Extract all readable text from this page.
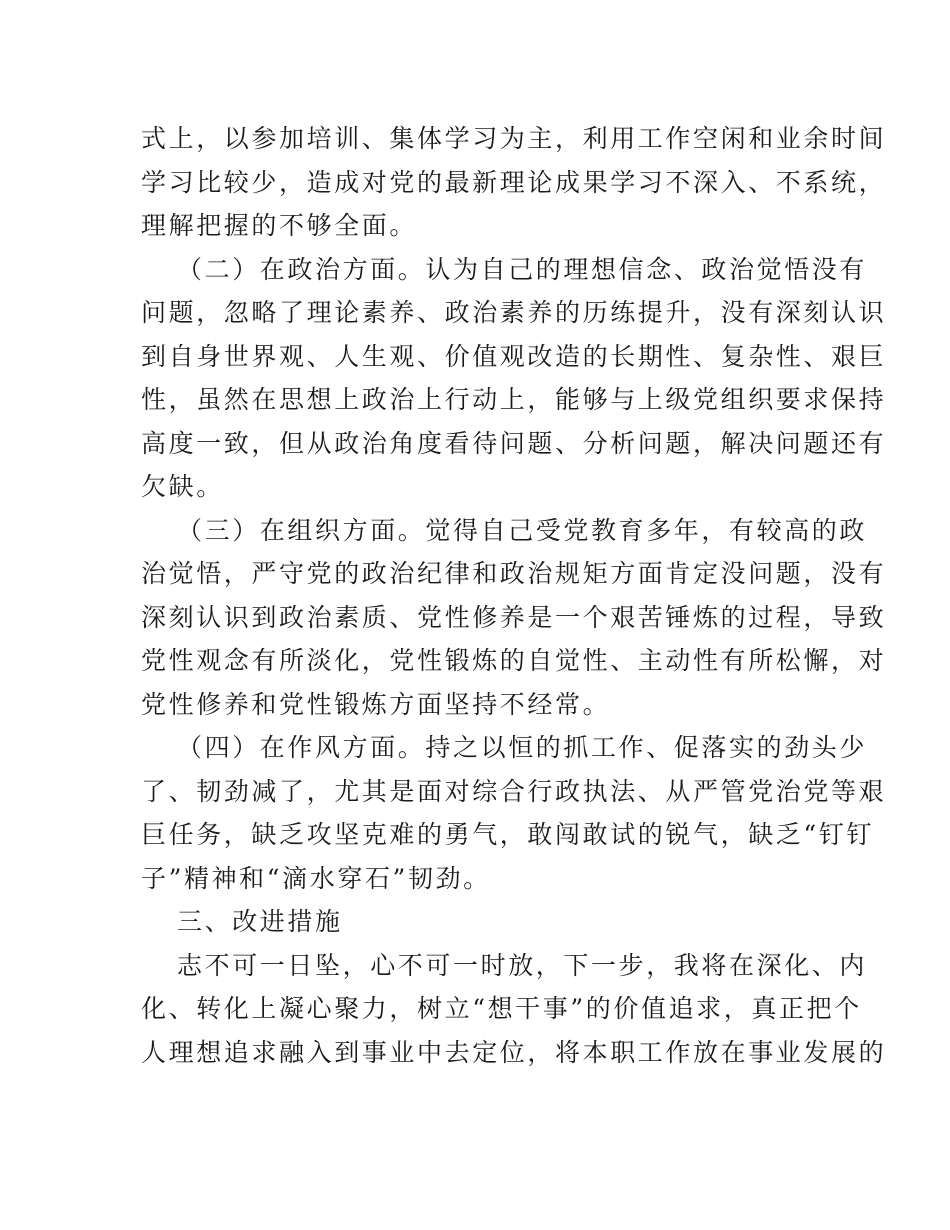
式上，以参加培训、集体学习为主，利用工作空闲和业余时间
学习比较少，造成对党的最新理论成果学习不深入、不系统，
理解把握的不够全面。
（二）在政治方面。认为自己的理想信念、政治觉悟没有
问题，忽略了理论素养、政治素养的历练提升，没有深刻认识
到自身世界观、人生观、价值观改造的长期性、复杂性、艰巨
性，虽然在思想上政治上行动上，能够与上级党组织要求保持
高度一致，但从政治角度看待问题、分析问题，解决问题还有
欠缺。
（三）在组织方面。觉得自己受党教育多年，有较高的政
治觉悟，严守党的政治纪律和政治规矩方面肯定没问题，没有
深刻认识到政治素质、党性修养是一个艰苦锤炼的过程，导致
党性观念有所淡化，党性锻炼的自觉性、主动性有所松懈，对
党性修养和党性锻炼方面坚持不经常。
（四）在作风方面。持之以恒的抓工作、促落实的劲头少
了、韧劲减了，尤其是面对综合行政执法、从严管党治党等艰
巨任务，缺乏攻坚克难的勇气，敢闯敢试的锐气，缺乏“钉钉
子”精神和“滴水穿石”韧劲。
三、改进措施
志不可一日坠，心不可一时放，下一步，我将在深化、内
化、转化上凝心聚力，树立“想干事”的价值追求，真正把个
人理想追求融入到事业中去定位，将本职工作放在事业发展的
